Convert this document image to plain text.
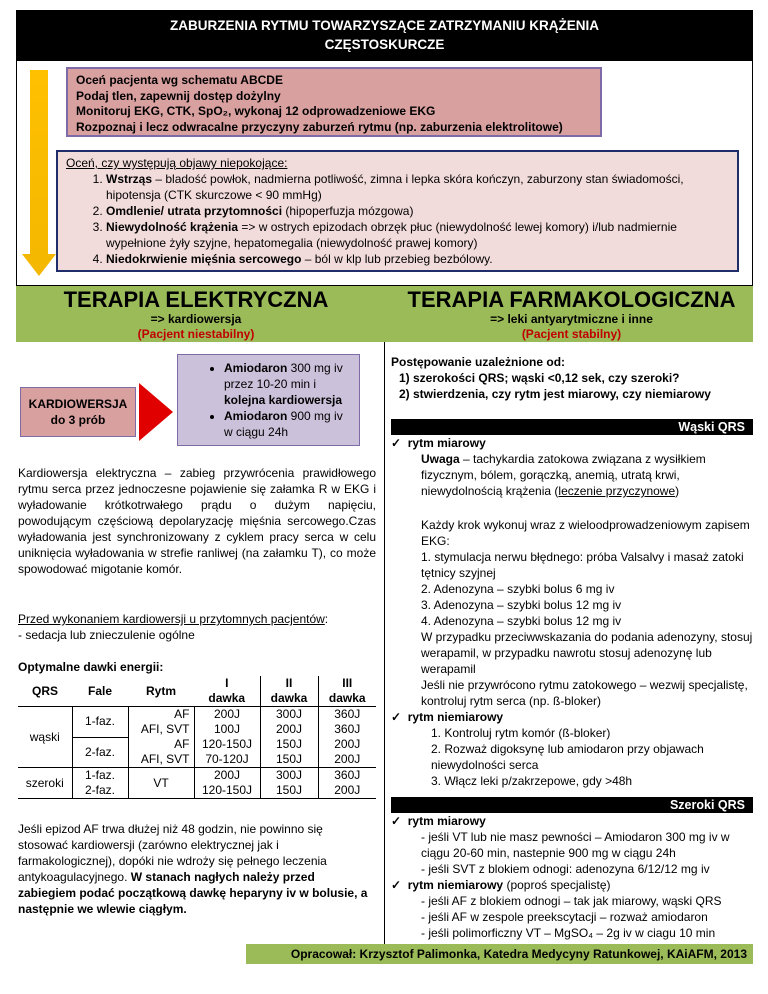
ZABURZENIA RYTMU TOWARZYSZĄCE ZATRZYMANIU KRĄŻENIA
CZĘSTOSKURCZE
Oceń pacjenta wg schematu ABCDE
Podaj tlen, zapewnij dostęp dożylny
Monitoruj EKG, CTK, SpO₂, wykonaj 12 odprowadzeniowe EKG
Rozpoznaj i lecz odwracalne przyczyny zaburzeń rytmu (np. zaburzenia elektrolitowe)
Oceń, czy występują objawy niepokojące:
1. Wstrząs – bladość powłok, nadmierna potliwość, zimna i lepka skóra kończyn, zaburzony stan świadomości, hipotensja (CTK skurczowe < 90 mmHg)
2. Omdlenie/ utrata przytomności (hipoperfuzja mózgowa)
3. Niewydolność krążenia => w ostrych epizodach obrzęk płuc (niewydolność lewej komory) i/lub nadmiernie wypełnione żyły szyjne, hepatomegalia (niewydolność prawej komory)
4. Niedokrwienie mięśnia sercowego – ból w klp lub przebieg bezbólowy.
TERAPIA ELEKTRYCZNA
=> kardiowersja
(Pacjent niestabilny)
TERAPIA FARMAKOLOGICZNA
=> leki antyarytmiczne i inne
(Pacjent stabilny)
KARDIOWERSJA
do 3 prób
• Amiodaron 300 mg iv przez 10-20 min i kolejna kardiowersja
• Amiodaron 900 mg iv w ciągu 24h
Kardiowersja elektryczna – zabieg przywrócenia prawidłowego rytmu serca przez jednoczesne pojawienie się załamka R w EKG i wyładowanie krótkotrwałego prądu o dużym napięciu, powodującym częściową depolaryzację mięśnia sercowego.Czas wyładowania jest synchronizowany z cyklem pracy serca w celu uniknięcia wyładowania w strefie ranliwej (na załamku T), co może spowodować migotanie komór.
Przed wykonaniem kardiowersji u przytomnych pacjentów:
- sedacja lub znieczulenie ogólne
Optymalne dawki energii:
QRS	Fale	Rytm	I	II	III
			dawka	dawka	dawka
wąski	1-faz.	AF	200J	300J	360J
		AFI, SVT	100J	200J	360J
	2-faz.	AF	120-150J	150J	200J
		AFI, SVT	70-120J	150J	200J
szeroki	1-faz.	VT	200J	300J	360J
	2-faz.		120-150J	150J	200J
Jeśli epizod AF trwa dłużej niż 48 godzin, nie powinno się stosować kardiowersji (zarówno elektrycznej jak i farmakologicznej), dopóki nie wdroży się pełnego leczenia antykoagulacyjnego. W stanach nagłych należy przed zabiegiem podać początkową dawkę heparyny iv w bolusie, a następnie we wlewie ciągłym.
Postępowanie uzależnione od:
1) szerokości QRS; wąski <0,12 sek, czy szeroki?
2) stwierdzenia, czy rytm jest miarowy, czy niemiarowy
Wąski QRS
✓ rytm miarowy
Uwaga – tachykardia zatokowa związana z wysiłkiem fizycznym, bólem, gorączką, anemią, utratą krwi, niewydolnością krążenia (leczenie przyczynowe)
Każdy krok wykonuj wraz z wieloodprowadzeniowym zapisem EKG:
1. stymulacja nerwu błędnego: próba Valsalvy i masaż zatoki tętnicy szyjnej
2. Adenozyna – szybki bolus 6 mg iv
3. Adenozyna – szybki bolus 12 mg iv
4. Adenozyna – szybki bolus 12 mg iv
W przypadku przeciwwskazania do podania adenozyny, stosuj werapamil, w przypadku nawrotu stosuj adenozynę lub werapamil
Jeśli nie przywrócono rytmu zatokowego – wezwij specjalistę, kontroluj rytm serca (np. ß-bloker)
✓ rytm niemiarowy
1. Kontroluj rytm komór (ß-bloker)
2. Rozważ digoksynę lub amiodaron przy objawach niewydolności serca
3. Włącz leki p/zakrzepowe, gdy >48h
Szeroki QRS
✓ rytm miarowy
- jeśli VT lub nie masz pewności – Amiodaron 300 mg iv w ciągu 20-60 min, nastepnie 900 mg w ciągu 24h
- jeśli SVT z blokiem odnogi: adenozyna 6/12/12 mg iv
✓ rytm niemiarowy (poproś specjalistę)
- jeśli AF z blokiem odnogi – tak jak miarowy, wąski QRS
- jeśli AF w zespole preekscytacji – rozważ amiodaron
- jeśli polimorficzny VT – MgSO₄ – 2g iv w ciagu 10 min
Opracował: Krzysztof Palimonka, Katedra Medycyny Ratunkowej, KAiAFM, 2013
